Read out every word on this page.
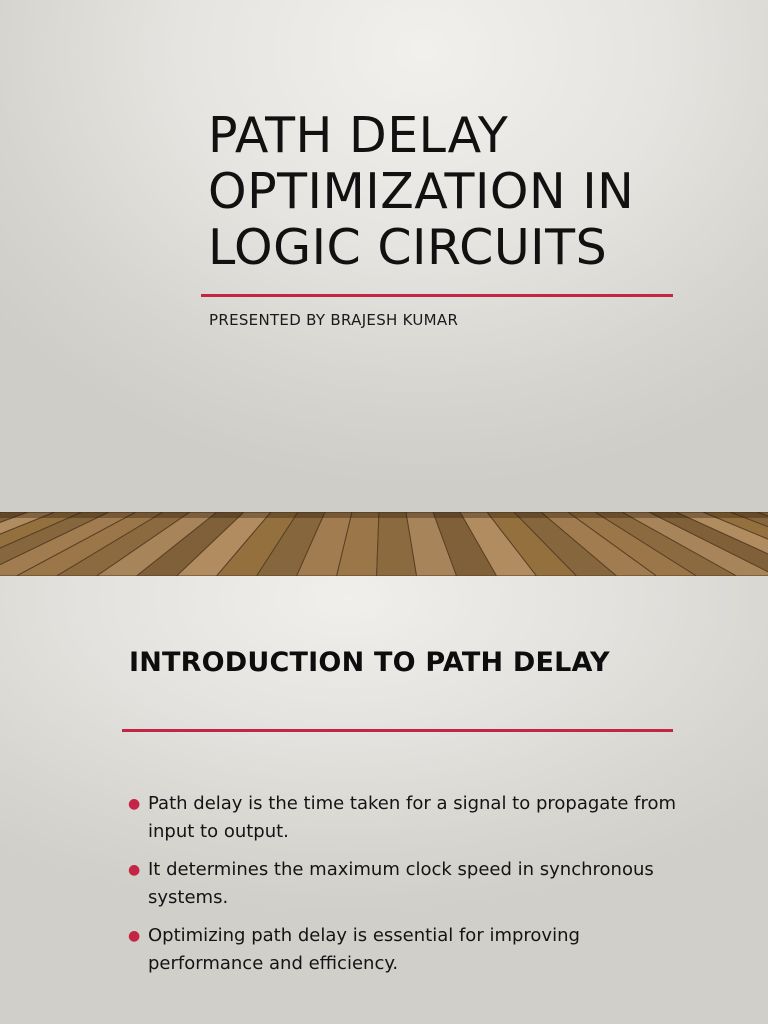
PATH DELAY OPTIMIZATION IN LOGIC CIRCUITS
PRESENTED BY BRAJESH KUMAR
INTRODUCTION TO PATH DELAY
● Path delay is the time taken for a signal to propagate from input to output.
● It determines the maximum clock speed in synchronous systems.
● Optimizing path delay is essential for improving performance and efficiency.
